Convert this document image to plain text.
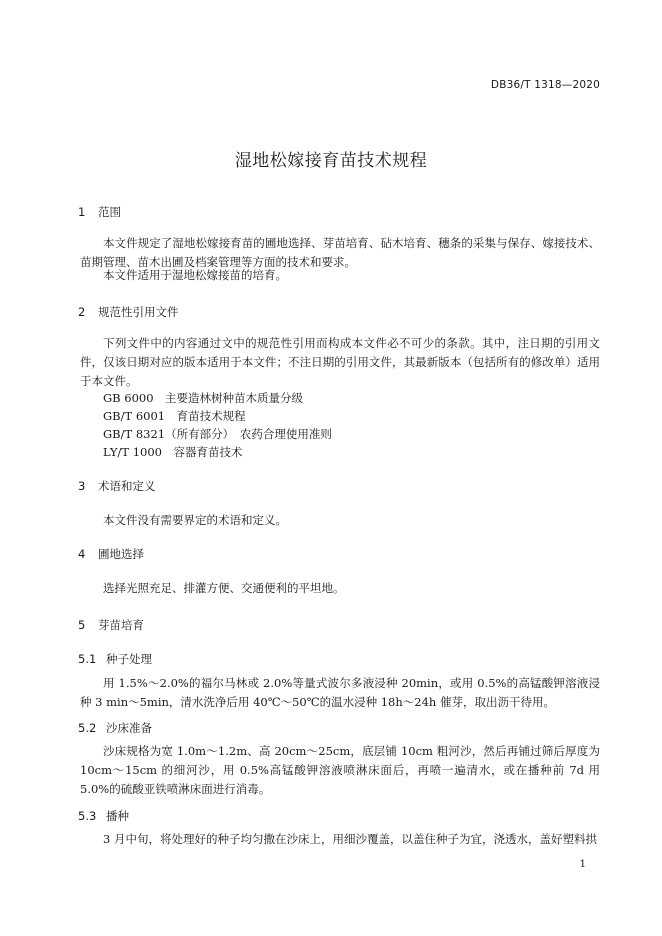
DB36/T 1318—2020
湿地松嫁接育苗技术规程
1 范围
本文件规定了湿地松嫁接育苗的圃地选择、芽苗培育、砧木培育、穗条的采集与保存、嫁接技术、苗期管理、苗木出圃及档案管理等方面的技术和要求。
本文件适用于湿地松嫁接苗的培育。
2 规范性引用文件
下列文件中的内容通过文中的规范性引用而构成本文件必不可少的条款。其中，注日期的引用文件，仅该日期对应的版本适用于本文件；不注日期的引用文件，其最新版本（包括所有的修改单）适用于本文件。
GB 6000　主要造林树种苗木质量分级
GB/T 6001　育苗技术规程
GB/T 8321（所有部分）　农药合理使用准则
LY/T 1000　容器育苗技术
3 术语和定义
本文件没有需要界定的术语和定义。
4 圃地选择
选择光照充足、排灌方便、交通便利的平坦地。
5 芽苗培育
5.1 种子处理
用 1.5%～2.0%的福尔马林或 2.0%等量式波尔多液浸种 20min，或用 0.5%的高锰酸钾溶液浸种 3 min～5min，清水洗净后用 40℃～50℃的温水浸种 18h～24h 催芽，取出沥干待用。
5.2 沙床准备
沙床规格为宽 1.0m～1.2m、高 20cm～25cm，底层铺 10cm 粗河沙，然后再铺过筛后厚度为 10cm～15cm 的细河沙，用 0.5%高锰酸钾溶液喷淋床面后，再喷一遍清水，或在播种前 7d 用 5.0%的硫酸亚铁喷淋床面进行消毒。
5.3 播种
3 月中旬，将处理好的种子均匀撒在沙床上，用细沙覆盖，以盖住种子为宜，浇透水，盖好塑料拱
1
